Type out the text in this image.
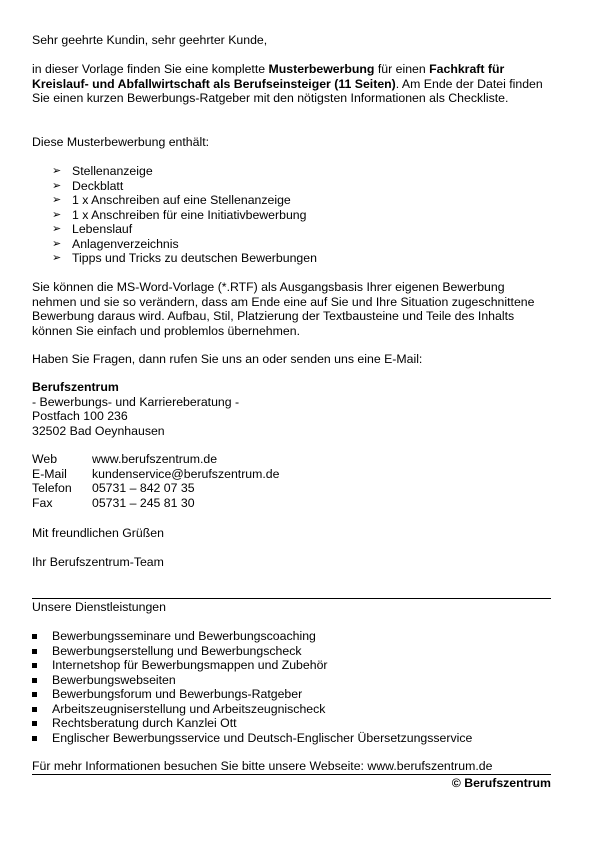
Sehr geehrte Kundin, sehr geehrter Kunde,

in dieser Vorlage finden Sie eine komplette Musterbewerbung für einen Fachkraft für Kreislauf- und Abfallwirtschaft als Berufseinsteiger (11 Seiten). Am Ende der Datei finden Sie einen kurzen Bewerbungs-Ratgeber mit den nötigsten Informationen als Checkliste.

Diese Musterbewerbung enthält:

➢ Stellenanzeige
➢ Deckblatt
➢ 1 x Anschreiben auf eine Stellenanzeige
➢ 1 x Anschreiben für eine Initiativbewerbung
➢ Lebenslauf
➢ Anlagenverzeichnis
➢ Tipps und Tricks zu deutschen Bewerbungen

Sie können die MS-Word-Vorlage (*.RTF) als Ausgangsbasis Ihrer eigenen Bewerbung nehmen und sie so verändern, dass am Ende eine auf Sie und Ihre Situation zugeschnittene Bewerbung daraus wird. Aufbau, Stil, Platzierung der Textbausteine und Teile des Inhalts können Sie einfach und problemlos übernehmen.

Haben Sie Fragen, dann rufen Sie uns an oder senden uns eine E-Mail:

Berufszentrum
- Bewerbungs- und Karriereberatung -
Postfach 100 236
32502 Bad Oeynhausen
Web	www.berufszentrum.de
E-Mail kundenservice@berufszentrum.de
Telefon 05731 – 842 07 35
Fax	05731 – 245 81 30

Mit freundlichen Grüßen

Ihr Berufszentrum-Team

Unsere Dienstleistungen

Bewerbungsseminare und Bewerbungscoaching
Bewerbungserstellung und Bewerbungscheck
Internetshop für Bewerbungsmappen und Zubehör
Bewerbungswebseiten
Bewerbungsforum und Bewerbungs-Ratgeber
Arbeitszeugniserstellung und Arbeitszeugnischeck
Rechtsberatung durch Kanzlei Ott
Englischer Bewerbungsservice und Deutsch-Englischer Übersetzungsservice

Für mehr Informationen besuchen Sie bitte unsere Webseite: www.berufszentrum.de

© Berufszentrum
